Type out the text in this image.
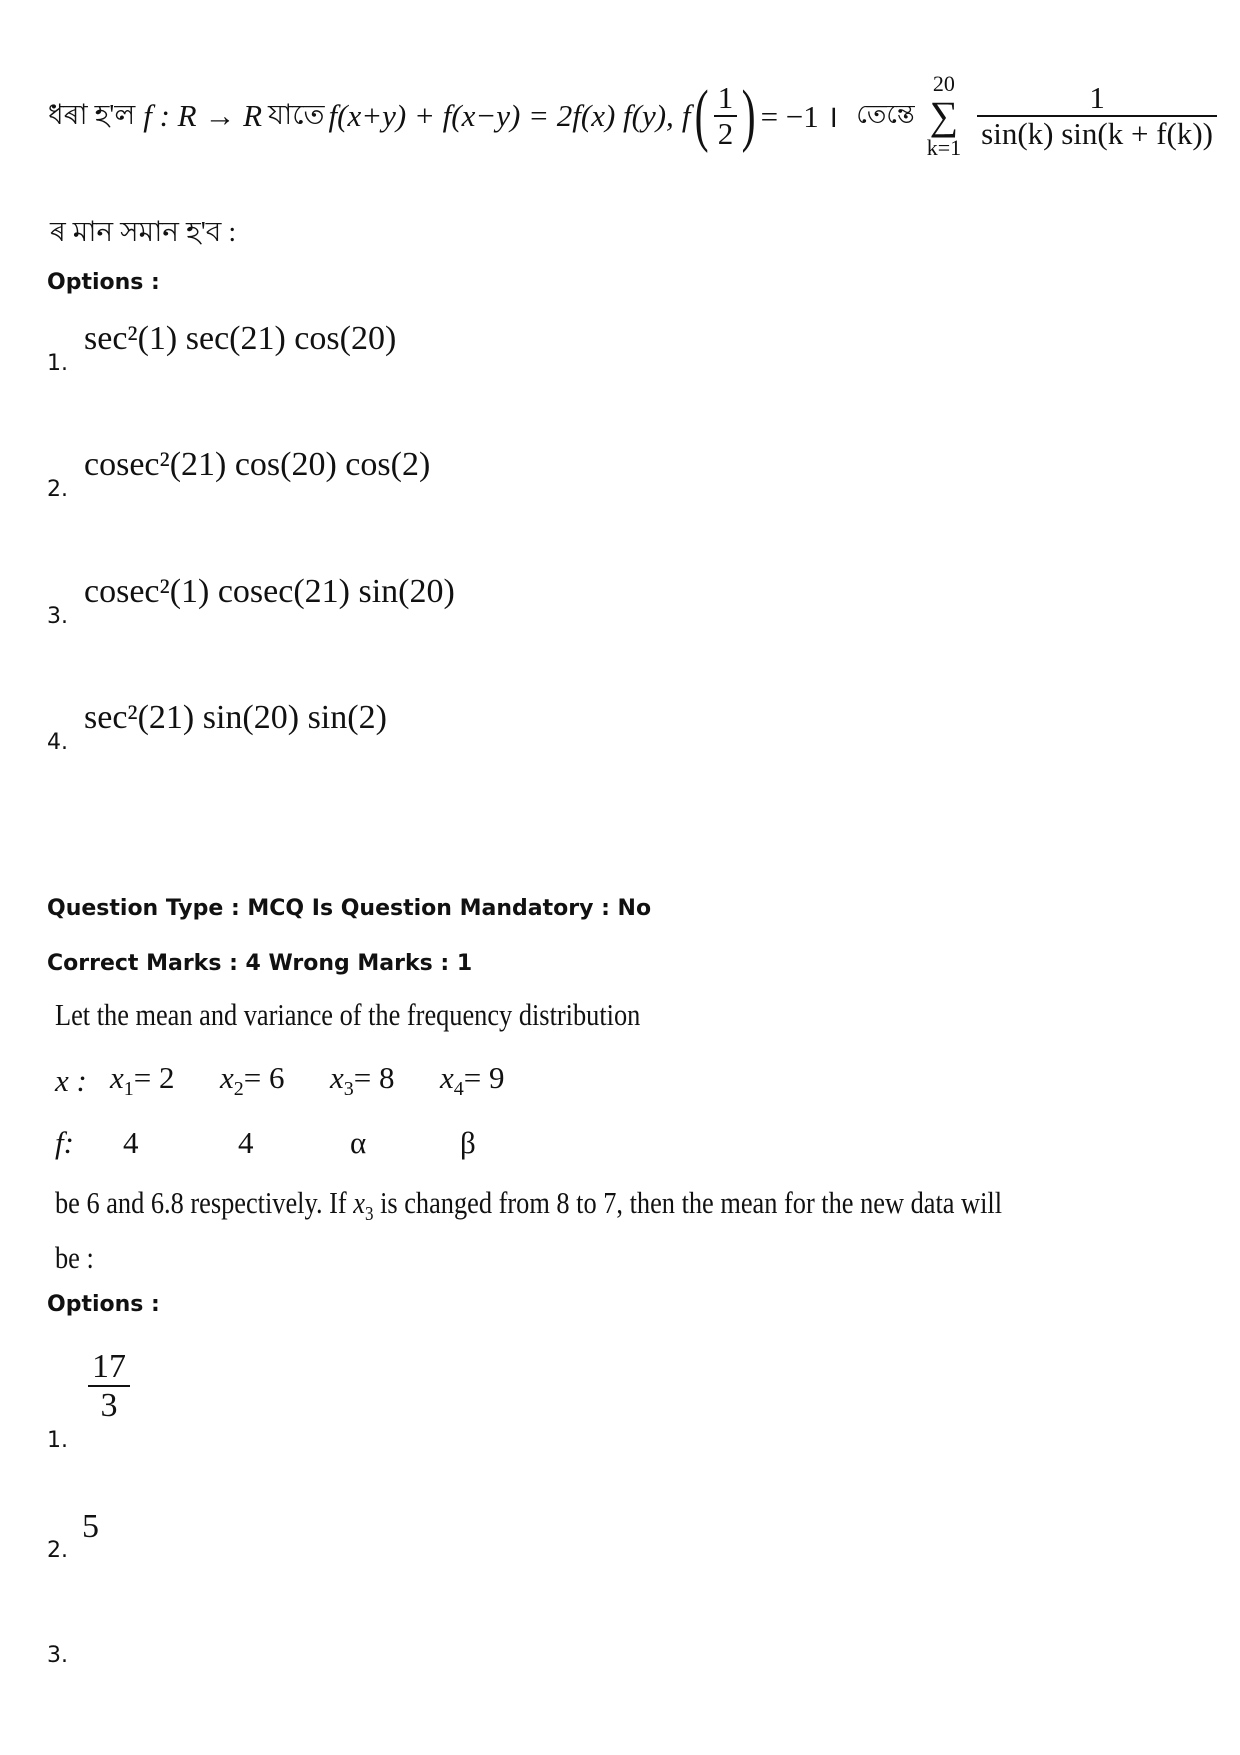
ধৰা হ'ল f : R → R যাতে f(x+y) + f(x−y) = 2f(x) f(y), f ( $\frac{1}{2}$ ) = −1 । তেন্তে
20
∑
$k=1 \frac{1}{\sin(k) \sin(k + f(k))}$
ৰ মান সমান হ'ব :
Options :
1.
sec²(1) sec(21) cos(20)
2.
cosec²(21) cos(20) cos(2)
3.
cosec²(1) cosec(21) sin(20)
4.
sec²(21) sin(20) sin(2)
Question Type : MCQ Is Question Mandatory : No
Correct Marks : 4 Wrong Marks : 1
Let the mean and variance of the frequency distribution
x : $x_1= 2$ $x_2= 6$ $x_3= 8$ $x_4= 9$
f: 4	4	α	β
be 6 and 6.8 respectively. If $x_3$ is changed from 8 to 7, then the mean for the new data will
be :
Options :
1.
$\frac{17}{3}$
2.
5
3.
